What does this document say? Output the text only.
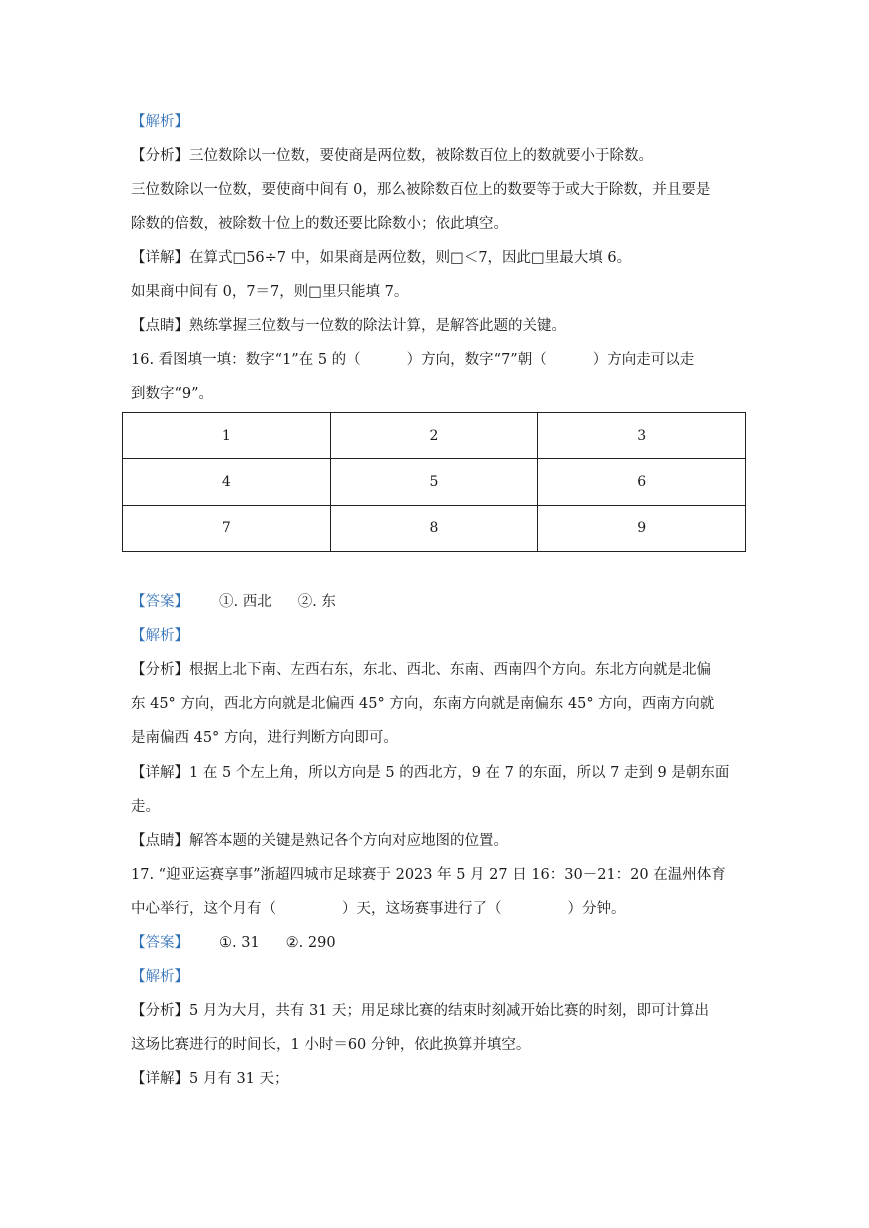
【解析】
【分析】三位数除以一位数，要使商是两位数，被除数百位上的数就要小于除数。
三位数除以一位数，要使商中间有 0，那么被除数百位上的数要等于或大于除数，并且要是
除数的倍数，被除数十位上的数还要比除数小；依此填空。
【详解】在算式□56÷7 中，如果商是两位数，则□＜7，因此□里最大填 6。
如果商中间有 0，7＝7，则□里只能填 7。
【点睛】熟练掌握三位数与一位数的除法计算，是解答此题的关键。
16. 看图填一填：数字“1”在 5 的（	）方向，数字“7”朝（	）方向走可以走
到数字“9”。
1	2	3
4	5	6
7	8	9
【答案】 ①. 西北 ②. 东
【解析】
【分析】根据上北下南、左西右东，东北、西北、东南、西南四个方向。东北方向就是北偏
东 45° 方向，西北方向就是北偏西 45° 方向，东南方向就是南偏东 45° 方向，西南方向就
是南偏西 45° 方向，进行判断方向即可。
【详解】1 在 5 个左上角，所以方向是 5 的西北方，9 在 7 的东面，所以 7 走到 9 是朝东面
走。
【点睛】解答本题的关键是熟记各个方向对应地图的位置。
17. “迎亚运赛享事”浙超四城市足球赛于 2023 年 5 月 27 日 16：30－21：20 在温州体育
中心举行，这个月有（	）天，这场赛事进行了（	）分钟。
【答案】 ①. 31 ②. 290
【解析】
【分析】5 月为大月，共有 31 天；用足球比赛的结束时刻减开始比赛的时刻，即可计算出
这场比赛进行的时间长，1 小时＝60 分钟，依此换算并填空。
【详解】5 月有 31 天；
